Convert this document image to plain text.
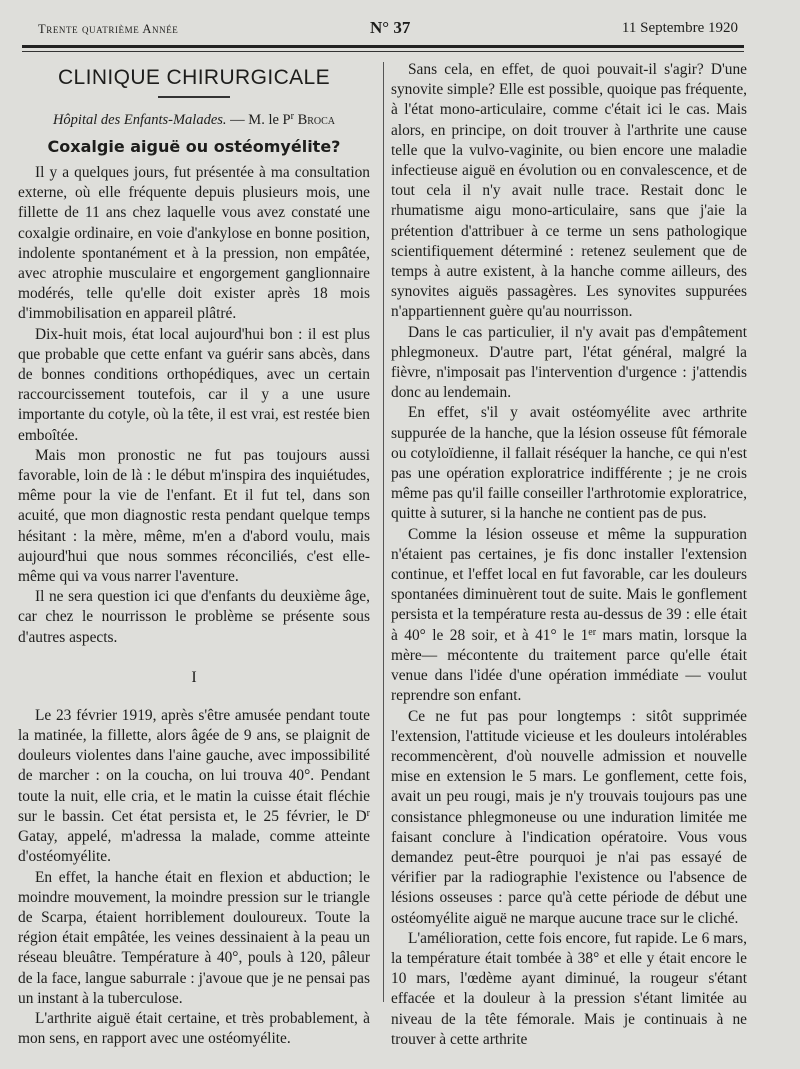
Trente quatrième Année	N° 37	11 Septembre 1920
CLINIQUE CHIRURGICALE
Hôpital des Enfants-Malades. — M. le $P^r$ Broca
Coxalgie aiguë ou ostéomyélite?

Il y a quelques jours, fut présentée à ma consultation externe, où elle fréquente depuis plusieurs mois, une fillette de 11 ans chez laquelle vous avez constaté une coxalgie ordinaire, en voie d'ankylose en bonne position, indolente spontanément et à la pression, non empâtée, avec atrophie musculaire et engorgement ganglionnaire modérés, telle qu'elle doit exister après 18 mois d'immobilisation en appareil plâtré.

Dix-huit mois, état local aujourd'hui bon : il est plus que probable que cette enfant va guérir sans abcès, dans de bonnes conditions orthopédiques, avec un certain raccourcissement toutefois, car il y a une usure importante du cotyle, où la tête, il est vrai, est restée bien emboîtée.

Mais mon pronostic ne fut pas toujours aussi favorable, loin de là : le début m'inspira des inquiétudes, même pour la vie de l'enfant. Et il fut tel, dans son acuité, que mon diagnostic resta pendant quelque temps hésitant : la mère, même, m'en a d'abord voulu, mais aujourd'hui que nous sommes réconciliés, c'est elle-même qui va vous narrer l'aventure.

Il ne sera question ici que d'enfants du deuxième âge, car chez le nourrisson le problème se présente sous d'autres aspects.

I

Le 23 février 1919, après s'être amusée pendant toute la matinée, la fillette, alors âgée de 9 ans, se plaignit de douleurs violentes dans l'aine gauche, avec impossibilité de marcher : on la coucha, on lui trouva 40°. Pendant toute la nuit, elle cria, et le matin la cuisse était fléchie sur le bassin. Cet état persista et, le 25 février, le $D^r$ Gatay, appelé, m'adressa la malade, comme atteinte d'ostéomyélite.

En effet, la hanche était en flexion et abduction; le moindre mouvement, la moindre pression sur le triangle de Scarpa, étaient horriblement douloureux. Toute la région était empâtée, les veines dessinaient à la peau un réseau bleuâtre. Température à 40°, pouls à 120, pâleur de la face, langue saburrale : j'avoue que je ne pensai pas un instant à la tuberculose.

L'arthrite aiguë était certaine, et très probablement, à mon sens, en rapport avec une ostéomyélite.

Sans cela, en effet, de quoi pouvait-il s'agir? D'une synovite simple? Elle est possible, quoique pas fréquente, à l'état mono-articulaire, comme c'était ici le cas. Mais alors, en principe, on doit trouver à l'arthrite une cause telle que la vulvo-vaginite, ou bien encore une maladie infectieuse aiguë en évolution ou en convalescence, et de tout cela il n'y avait nulle trace. Restait donc le rhumatisme aigu mono-articulaire, sans que j'aie la prétention d'attribuer à ce terme un sens pathologique scientifiquement déterminé : retenez seulement que de temps à autre existent, à la hanche comme ailleurs, des synovites aiguës passagères. Les synovites suppurées n'appartiennent guère qu'au nourrisson.

Dans le cas particulier, il n'y avait pas d'empâtement phlegmoneux. D'autre part, l'état général, malgré la fièvre, n'imposait pas l'intervention d'urgence : j'attendis donc au lendemain.

En effet, s'il y avait ostéomyélite avec arthrite suppurée de la hanche, que la lésion osseuse fût fémorale ou cotyloïdienne, il fallait réséquer la hanche, ce qui n'est pas une opération exploratrice indifférente ; je ne crois même pas qu'il faille conseiller l'arthrotomie exploratrice, quitte à suturer, si la hanche ne contient pas de pus.

Comme la lésion osseuse et même la suppuration n'étaient pas certaines, je fis donc installer l'extension continue, et l'effet local en fut favorable, car les douleurs spontanées diminuèrent tout de suite. Mais le gonflement persista et la température resta au-dessus de 39 : elle était à 40° le 28 soir, et à 41° le 1er mars matin, lorsque la mère— mécontente du traitement parce qu'elle était venue dans l'idée d'une opération immédiate — voulut reprendre son enfant.

Ce ne fut pas pour longtemps : sitôt supprimée l'extension, l'attitude vicieuse et les douleurs intolérables recommencèrent, d'où nouvelle admission et nouvelle mise en extension le 5 mars. Le gonflement, cette fois, avait un peu rougi, mais je n'y trouvais toujours pas une consistance phlegmoneuse ou une induration limitée me faisant conclure à l'indication opératoire. Vous vous demandez peut-être pourquoi je n'ai pas essayé de vérifier par la radiographie l'existence ou l'absence de lésions osseuses : parce qu'à cette période de début une ostéomyélite aiguë ne marque aucune trace sur le cliché.

L'amélioration, cette fois encore, fut rapide. Le 6 mars, la température était tombée à 38° et elle y était encore le 10 mars, l'œdème ayant diminué, la rougeur s'étant effacée et la douleur à la pression s'étant limitée au niveau de la tête fémorale. Mais je continuais à ne trouver à cette arthrite
